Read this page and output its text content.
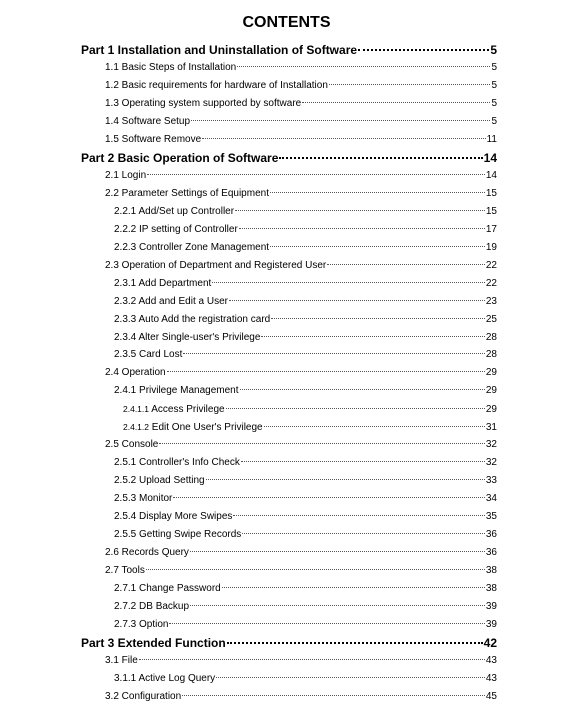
CONTENTS
Part 1 Installation and Uninstallation of Software	5
1.1 Basic Steps of Installation	5
1.2 Basic requirements for hardware of Installation	5
1.3 Operating system supported by software	5
1.4 Software Setup	5
1.5 Software Remove	11
Part 2 Basic Operation of Software	14
2.1 Login	14
2.2 Parameter Settings of Equipment	15
2.2.1 Add/Set up Controller	15
2.2.2 IP setting of Controller	17
2.2.3 Controller Zone Management	19
2.3 Operation of Department and Registered User	22
2.3.1 Add Department	22
2.3.2 Add and Edit a User	23
2.3.3 Auto Add the registration card	25
2.3.4 Alter Single-user's Privilege	28
2.3.5 Card Lost	28
2.4 Operation	29
2.4.1 Privilege Management	29
2.4.1.1 Access Privilege	29
2.4.1.2 Edit One User's Privilege	31
2.5 Console	32
2.5.1 Controller's Info Check	32
2.5.2 Upload Setting	33
2.5.3 Monitor	34
2.5.4 Display More Swipes	35
2.5.5 Getting Swipe Records	36
2.6 Records Query	36
2.7 Tools	38
2.7.1 Change Password	38
2.7.2 DB Backup	39
2.7.3 Option	39
Part 3 Extended Function	42
3.1 File	43
3.1.1 Active Log Query	43
3.2 Configuration	45
